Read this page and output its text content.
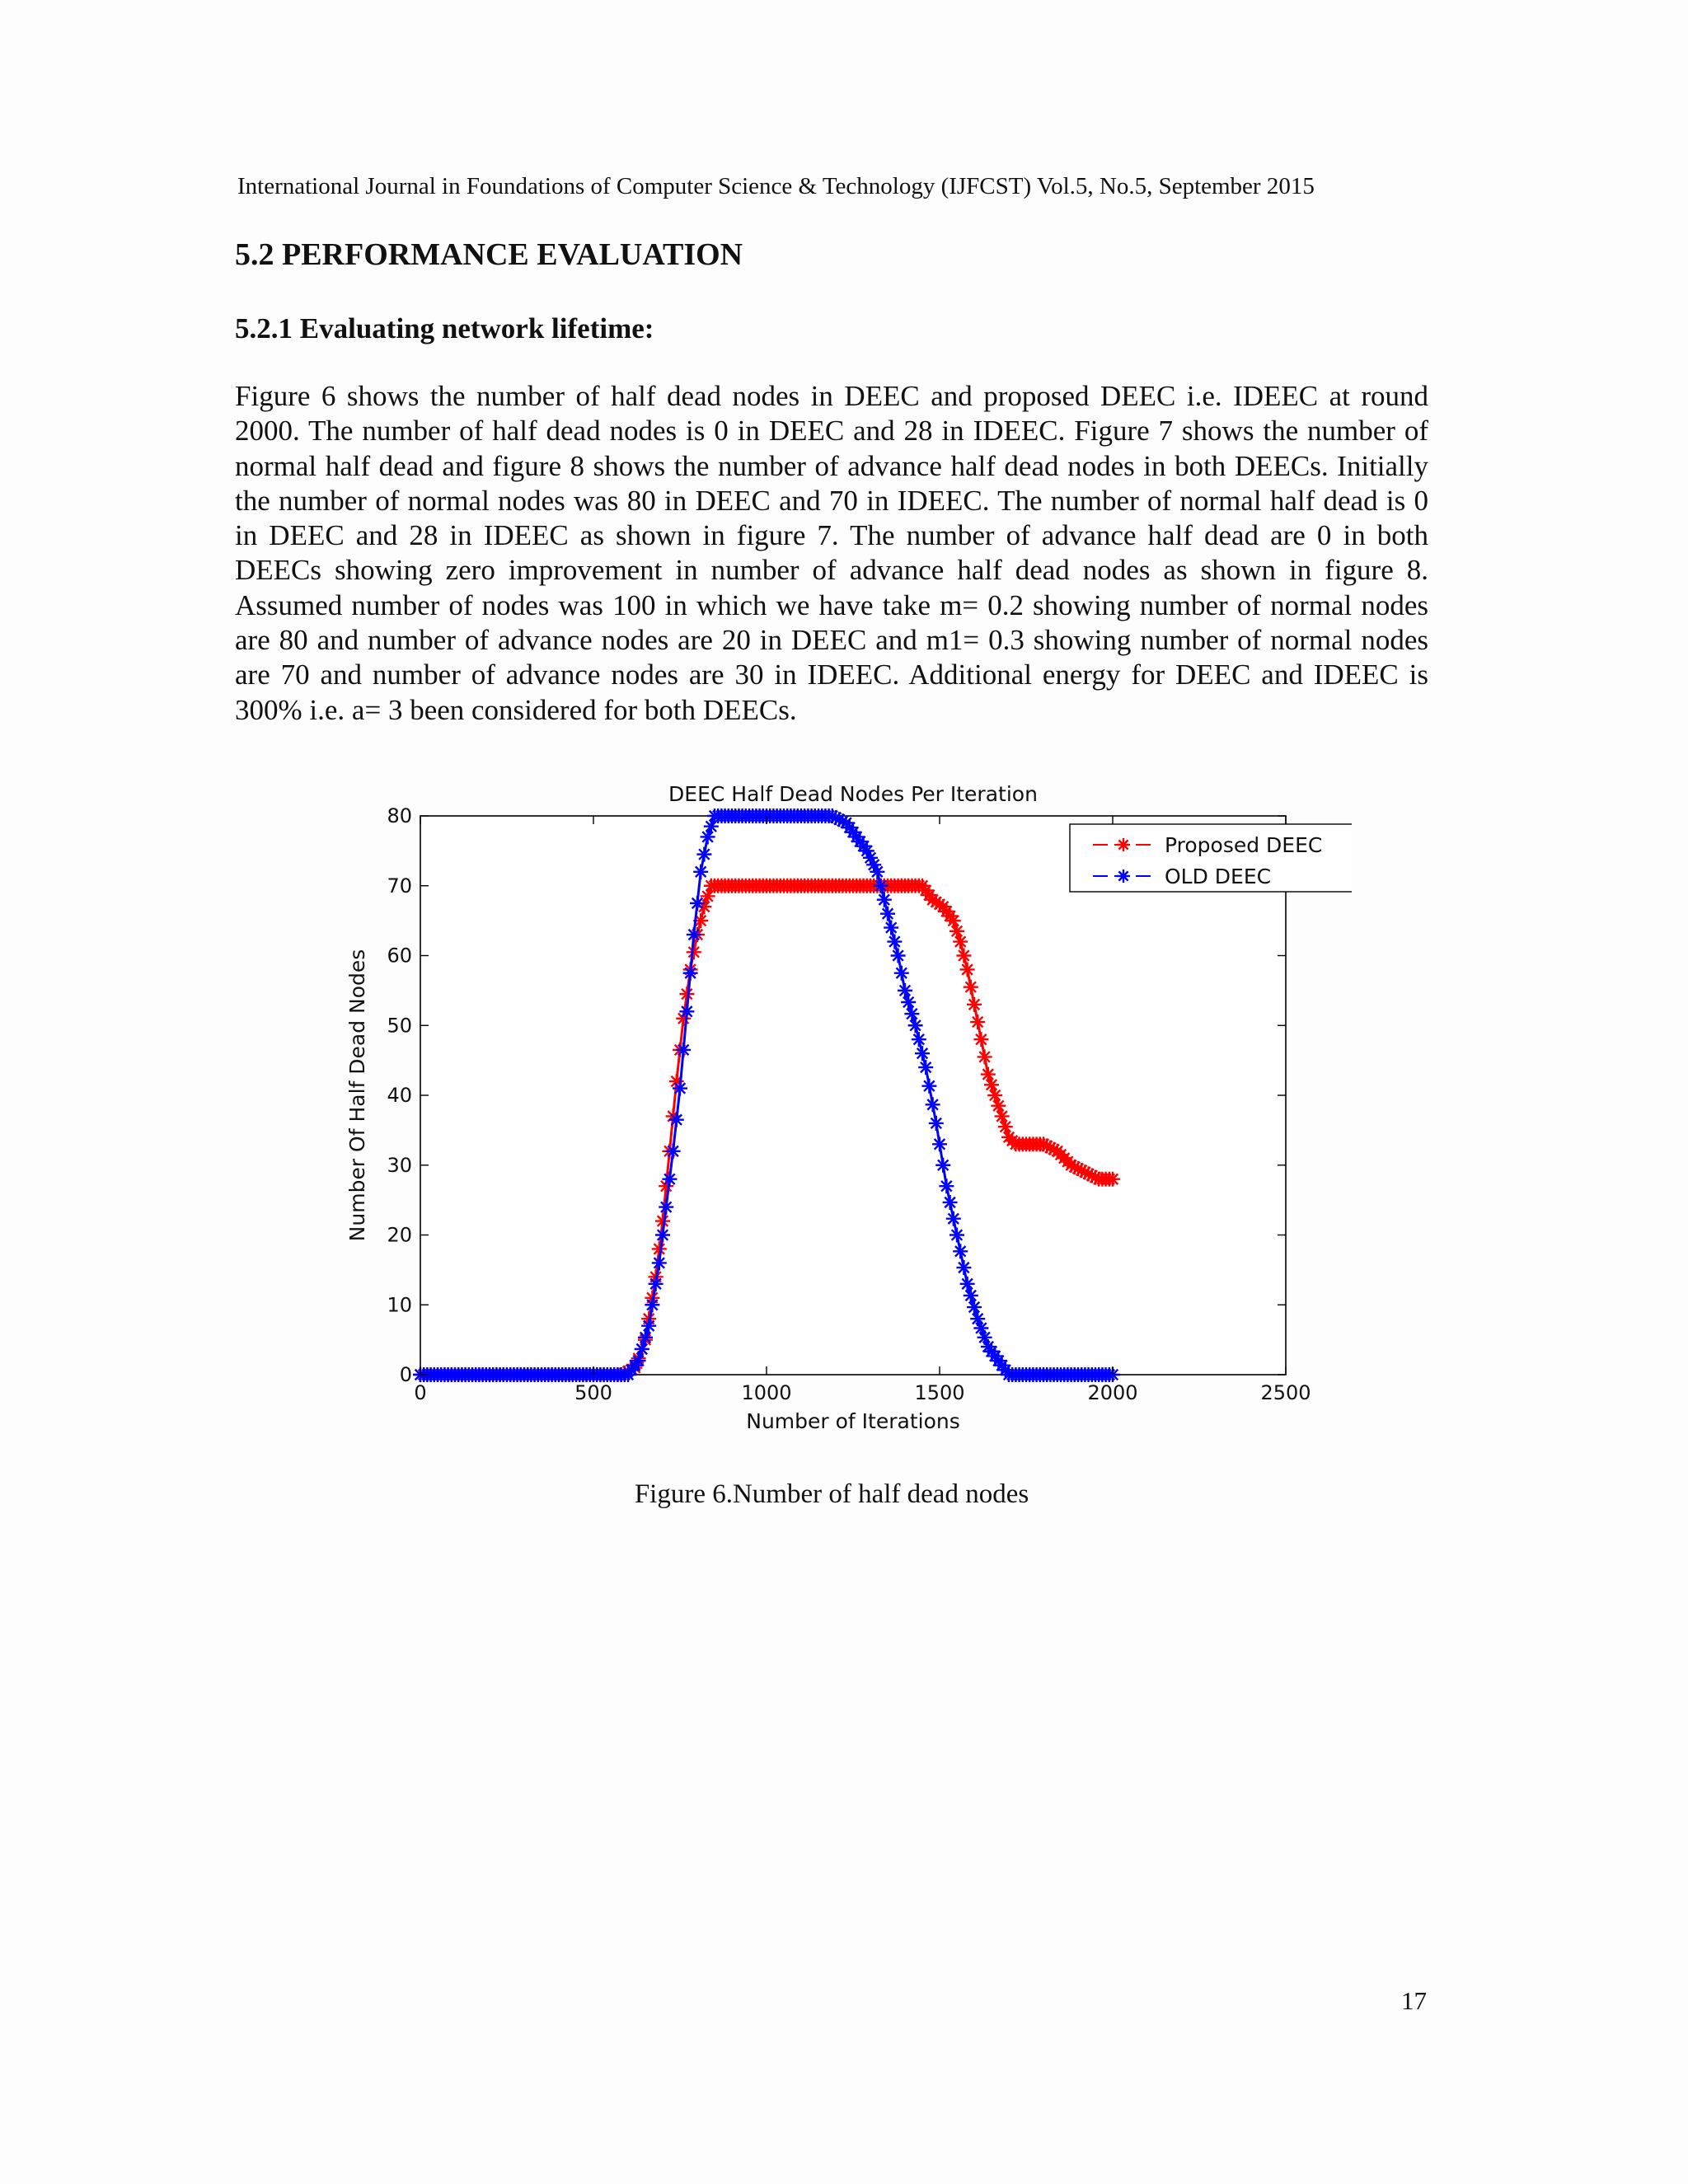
International Journal in Foundations of Computer Science & Technology (IJFCST) Vol.5, No.5, September 2015
5.2 PERFORMANCE EVALUATION
5.2.1 Evaluating network lifetime:

Figure 6 shows the number of half dead nodes in DEEC and proposed DEEC i.e. IDEEC at round 2000. The number of half dead nodes is 0 in DEEC and 28 in IDEEC. Figure 7 shows the number of normal half dead and figure 8 shows the number of advance half dead nodes in both DEECs. Initially the number of normal nodes was 80 in DEEC and 70 in IDEEC. The number of normal half dead is 0 in DEEC and 28 in IDEEC as shown in figure 7. The number of advance half dead are 0 in both DEECs showing zero improvement in number of advance half dead nodes as shown in figure 8. Assumed number of nodes was 100 in which we have take m= 0.2 showing number of normal nodes are 80 and number of advance nodes are 20 in DEEC and m1= 0.3 showing number of normal nodes are 70 and number of advance nodes are 30 in IDEEC. Additional energy for DEEC and IDEEC is 300% i.e. a= 3 been considered for both DEECs.

DEEC Half Dead Nodes Per Iteration
0	500	1000	1500	2000	2500
0
10
20
30
40
50
60
70
80
Number of Iterations
Number Of Half Dead Nodes
Proposed DEEC
OLD DEEC
Figure 6.Number of half dead nodes
17
